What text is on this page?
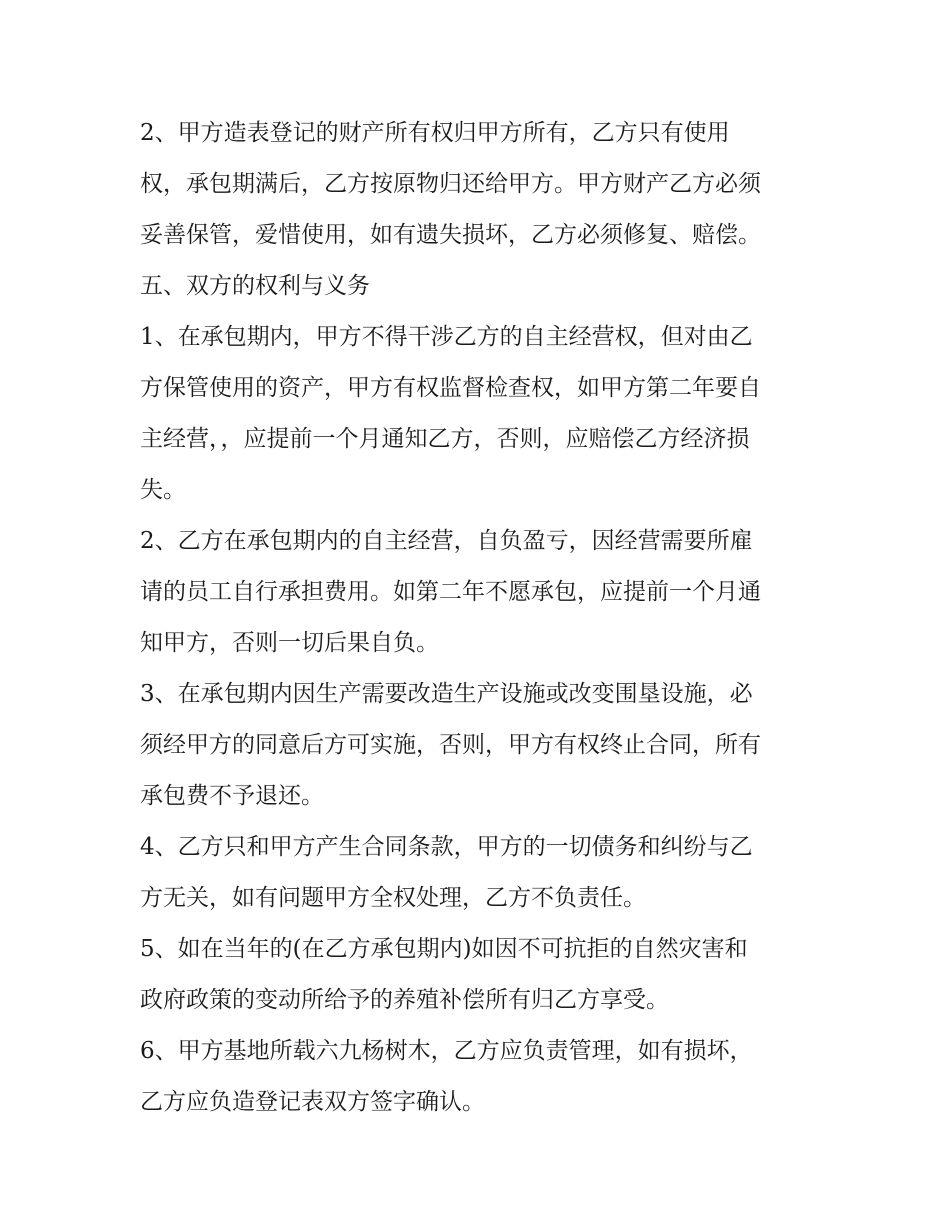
2、甲方造表登记的财产所有权归甲方所有，乙方只有使用
权，承包期满后，乙方按原物归还给甲方。甲方财产乙方必须
妥善保管，爱惜使用，如有遗失损坏，乙方必须修复、赔偿。
五、双方的权利与义务
1、在承包期内，甲方不得干涉乙方的自主经营权，但对由乙
方保管使用的资产，甲方有权监督检查权，如甲方第二年要自
主经营，，应提前一个月通知乙方，否则，应赔偿乙方经济损
失。
2、乙方在承包期内的自主经营，自负盈亏，因经营需要所雇
请的员工自行承担费用。如第二年不愿承包，应提前一个月通
知甲方，否则一切后果自负。
3、在承包期内因生产需要改造生产设施或改变围垦设施，必
须经甲方的同意后方可实施，否则，甲方有权终止合同，所有
承包费不予退还。
4、乙方只和甲方产生合同条款，甲方的一切债务和纠纷与乙
方无关，如有问题甲方全权处理，乙方不负责任。
5、如在当年的(在乙方承包期内)如因不可抗拒的自然灾害和
政府政策的变动所给予的养殖补偿所有归乙方享受。
6、甲方基地所载六九杨树木，乙方应负责管理，如有损坏，
乙方应负造登记表双方签字确认。
